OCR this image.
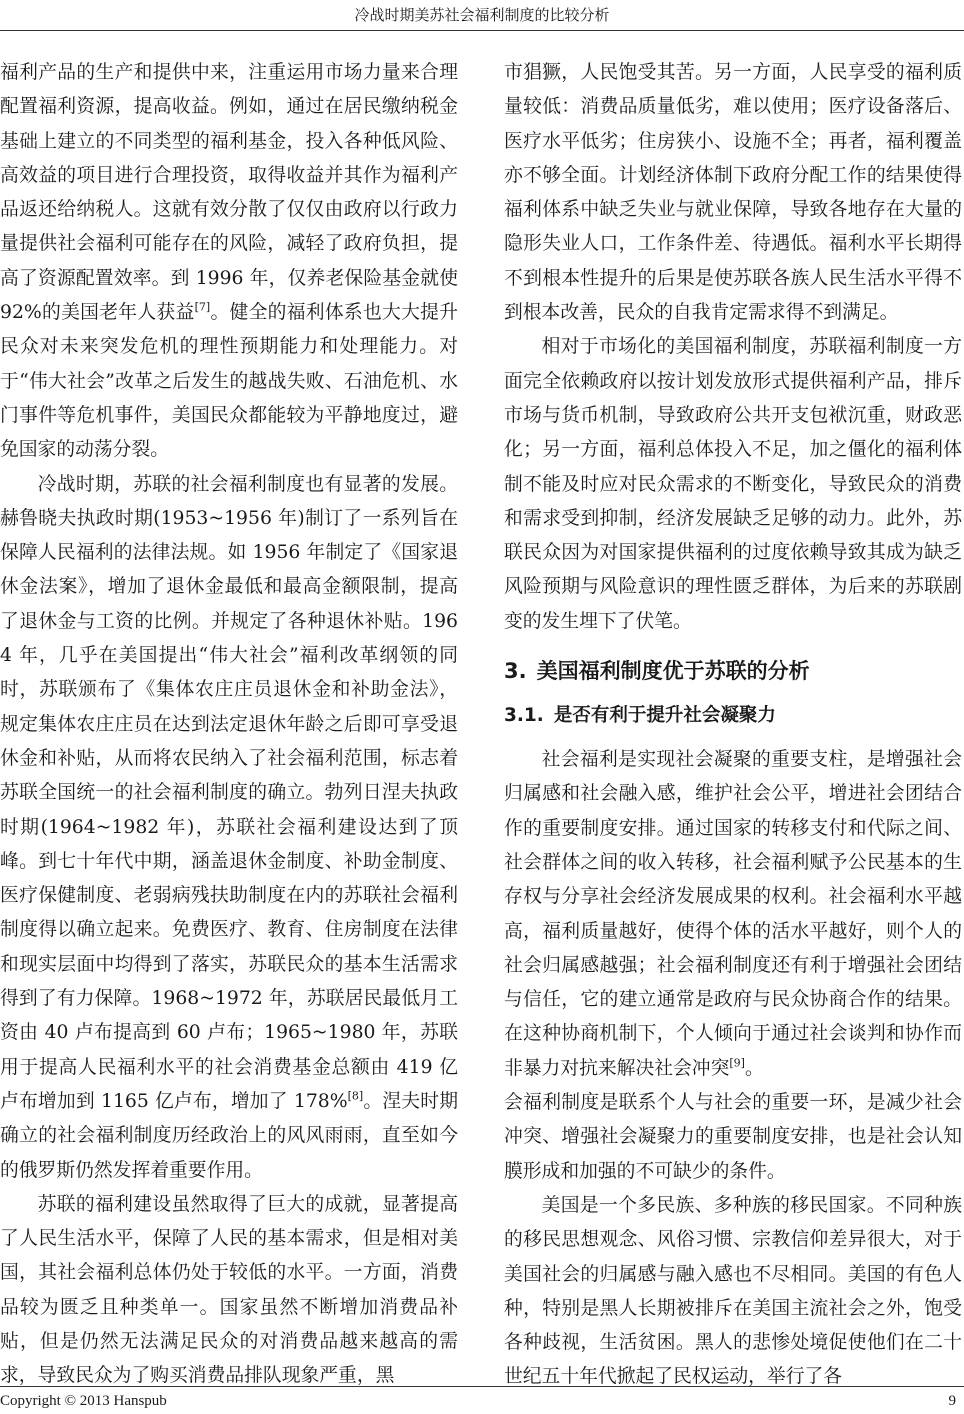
冷战时期美苏社会福利制度的比较分析

福利产品的生产和提供中来，注重运用市场力量来合理配置福利资源，提高收益。例如，通过在居民缴纳税金基础上建立的不同类型的福利基金，投入各种低风险、高效益的项目进行合理投资，取得收益并其作为福利产品返还给纳税人。这就有效分散了仅仅由政府以行政力量提供社会福利可能存在的风险，减轻了政府负担，提高了资源配置效率。到 1996 年，仅养老保险基金就使 92%的美国老年人获益[7]。健全的福利体系也大大提升民众对未来突发危机的理性预期能力和处理能力。对于“伟大社会”改革之后发生的越战失败、石油危机、水门事件等危机事件，美国民众都能较为平静地度过，避免国家的动荡分裂。

冷战时期，苏联的社会福利制度也有显著的发展。赫鲁晓夫执政时期(1953~1956 年)制订了一系列旨在保障人民福利的法律法规。如 1956 年制定了《国家退休金法案》，增加了退休金最低和最高金额限制，提高了退休金与工资的比例。并规定了各种退休补贴。1964 年，几乎在美国提出“伟大社会”福利改革纲领的同时，苏联颁布了《集体农庄庄员退休金和补助金法》，规定集体农庄庄员在达到法定退休年龄之后即可享受退休金和补贴，从而将农民纳入了社会福利范围，标志着苏联全国统一的社会福利制度的确立。勃列日涅夫执政时期(1964~1982 年)，苏联社会福利建设达到了顶峰。到七十年代中期，涵盖退休金制度、补助金制度、医疗保健制度、老弱病残扶助制度在内的苏联社会福利制度得以确立起来。免费医疗、教育、住房制度在法律和现实层面中均得到了落实，苏联民众的基本生活需求得到了有力保障。1968~1972 年，苏联居民最低月工资由 40 卢布提高到 60 卢布；1965~1980 年，苏联用于提高人民福利水平的社会消费基金总额由 419 亿卢布增加到 1165 亿卢布，增加了 178%[8]。涅夫时期确立的社会福利制度历经政治上的风风雨雨，直至如今的俄罗斯仍然发挥着重要作用。

苏联的福利建设虽然取得了巨大的成就，显著提高了人民生活水平，保障了人民的基本需求，但是相对美国，其社会福利总体仍处于较低的水平。一方面，消费品较为匮乏且种类单一。国家虽然不断增加消费品补贴，但是仍然无法满足民众的对消费品越来越高的需求，导致民众为了购买消费品排队现象严重，黑

市猖獗，人民饱受其苦。另一方面，人民享受的福利质量较低：消费品质量低劣，难以使用；医疗设备落后、医疗水平低劣；住房狭小、设施不全；再者，福利覆盖亦不够全面。计划经济体制下政府分配工作的结果使得福利体系中缺乏失业与就业保障，导致各地存在大量的隐形失业人口，工作条件差、待遇低。福利水平长期得不到根本性提升的后果是使苏联各族人民生活水平得不到根本改善，民众的自我肯定需求得不到满足。

相对于市场化的美国福利制度，苏联福利制度一方面完全依赖政府以按计划发放形式提供福利产品，排斥市场与货币机制，导致政府公共开支包袱沉重，财政恶化；另一方面，福利总体投入不足，加之僵化的福利体制不能及时应对民众需求的不断变化，导致民众的消费和需求受到抑制，经济发展缺乏足够的动力。此外，苏联民众因为对国家提供福利的过度依赖导致其成为缺乏风险预期与风险意识的理性匮乏群体，为后来的苏联剧变的发生埋下了伏笔。

3. 美国福利制度优于苏联的分析
3.1. 是否有利于提升社会凝聚力

社会福利是实现社会凝聚的重要支柱，是增强社会归属感和社会融入感，维护社会公平，增进社会团结合作的重要制度安排。通过国家的转移支付和代际之间、社会群体之间的收入转移，社会福利赋予公民基本的生存权与分享社会经济发展成果的权利。社会福利水平越高，福利质量越好，使得个体的活水平越好，则个人的社会归属感越强；社会福利制度还有利于增强社会团结与信任，它的建立通常是政府与民众协商合作的结果。在这种协商机制下，个人倾向于通过社会谈判和协作而非暴力对抗来解决社会冲突[9]。

会福利制度是联系个人与社会的重要一环，是减少社会冲突、增强社会凝聚力的重要制度安排，也是社会认知膜形成和加强的不可缺少的条件。

美国是一个多民族、多种族的移民国家。不同种族的移民思想观念、风俗习惯、宗教信仰差异很大，对于美国社会的归属感与融入感也不尽相同。美国的有色人种，特别是黑人长期被排斥在美国主流社会之外，饱受各种歧视，生活贫困。黑人的悲惨处境促使他们在二十世纪五十年代掀起了民权运动，举行了各

Copyright © 2013 Hanspub	9
